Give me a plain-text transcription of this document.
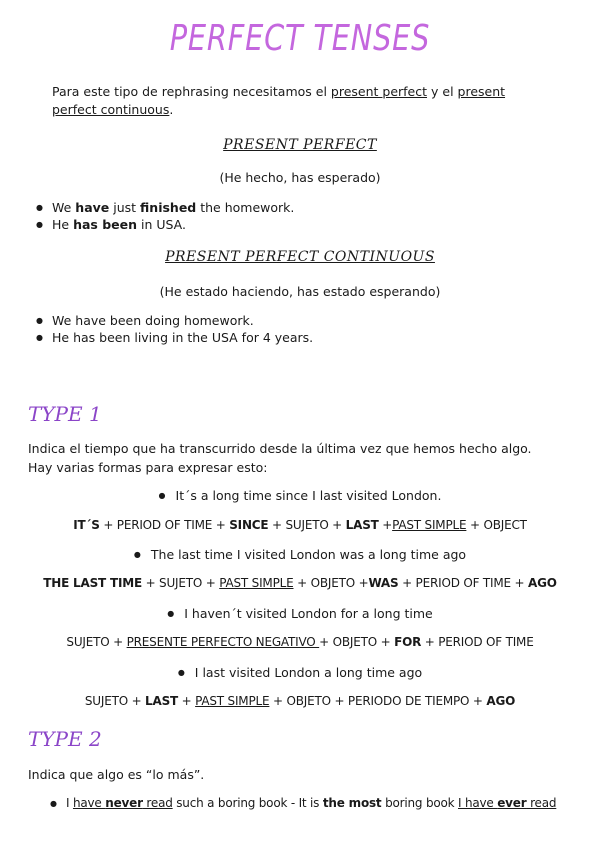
PERFECT TENSES
Para este tipo de rephrasing necesitamos el present perfect y el present perfect continuous.
PRESENT PERFECT
(He hecho, has esperado)
● We have just finished the homework.
● He has been in USA.
PRESENT PERFECT CONTINUOUS
(He estado haciendo, has estado esperando)
● We have been doing homework.
● He has been living in the USA for 4 years.
TYPE 1
Indica el tiempo que ha transcurrido desde la última vez que hemos hecho algo. Hay varias formas para expresar esto:
● It´s a long time since I last visited London.
IT´S + PERIOD OF TIME + SINCE + SUJETO + LAST +PAST SIMPLE + OBJECT
● The last time I visited London was a long time ago
THE LAST TIME + SUJETO + PAST SIMPLE + OBJETO +WAS + PERIOD OF TIME + AGO
● I haven´t visited London for a long time
SUJETO + PRESENTE PERFECTO NEGATIVO + OBJETO + FOR + PERIOD OF TIME
● I last visited London a long time ago
SUJETO + LAST + PAST SIMPLE + OBJETO + PERIODO DE TIEMPO + AGO
TYPE 2
Indica que algo es “lo más”.
● I have never read such a boring book - It is the most boring book I have ever read
